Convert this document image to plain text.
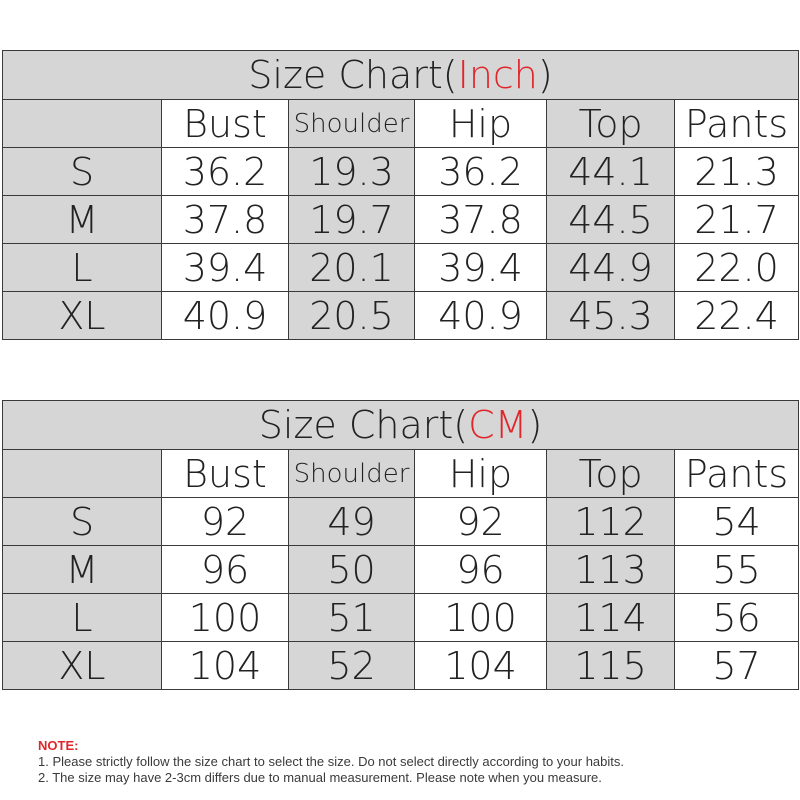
Size Chart(Inch)					
	Bust	Shoulder	Hip	Top	Pants
S	36.2	19.3	36.2	44.1	21.3
M	37.8	19.7	37.8	44.5	21.7
L	39.4	20.1	39.4	44.9	22.0
XL	40.9	20.5	40.9	45.3	22.4
Size Chart(CM)					
	Bust	Shoulder	Hip	Top	Pants
S	92	49	92	112	54
M	96	50	96	113	55
L	100	51	100	114	56
XL	104	52	104	115	57
NOTE:
1. Please strictly follow the size chart to select the size. Do not select directly according to your habits.
2. The size may have 2-3cm differs due to manual measurement. Please note when you measure.
